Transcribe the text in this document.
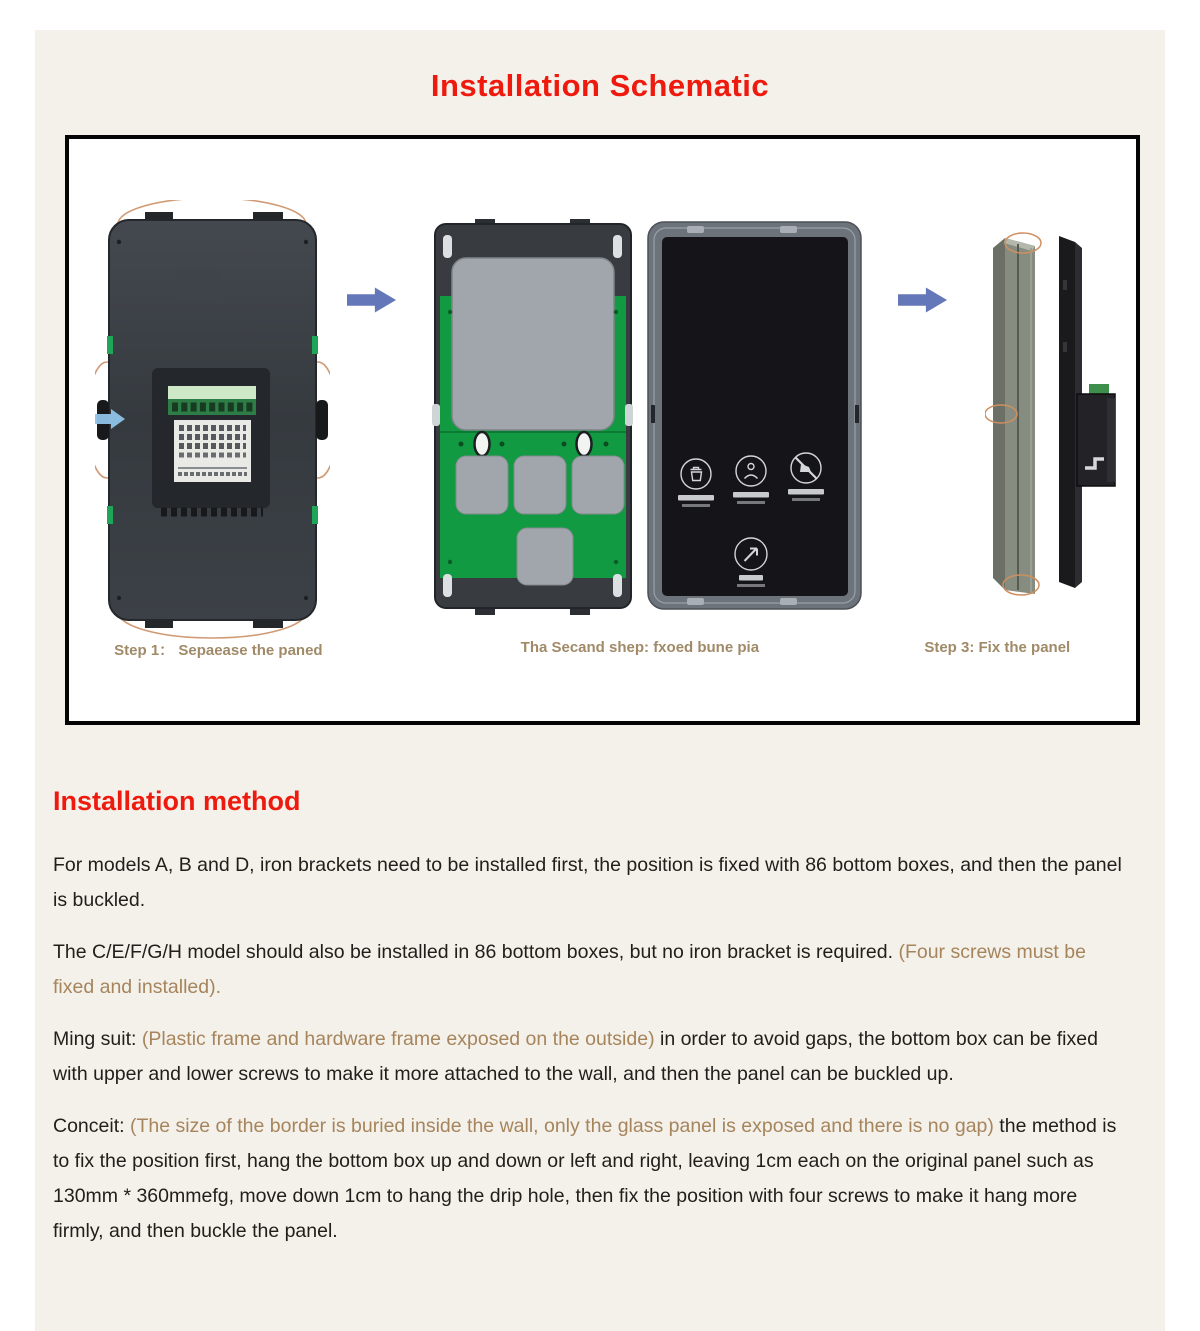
Installation Schematic
Step 1： Sepaease the paned	Tha Secand shep: fxoed bune pia	Step 3: Fix the panel
Installation method

For models A, B and D, iron brackets need to be installed first, the position is fixed with 86 bottom boxes, and then the panel is buckled.

The C/E/F/G/H model should also be installed in 86 bottom boxes, but no iron bracket is required. (Four screws must be fixed and installed).

Ming suit: (Plastic frame and hardware frame exposed on the outside) in order to avoid gaps, the bottom box can be fixed with upper and lower screws to make it more attached to the wall, and then the panel can be buckled up.

Conceit: (The size of the border is buried inside the wall, only the glass panel is exposed and there is no gap) the method is to fix the position first, hang the bottom box up and down or left and right, leaving 1cm each on the original panel such as 130mm * 360mmefg, move down 1cm to hang the drip hole, then fix the position with four screws to make it hang more firmly, and then buckle the panel.
